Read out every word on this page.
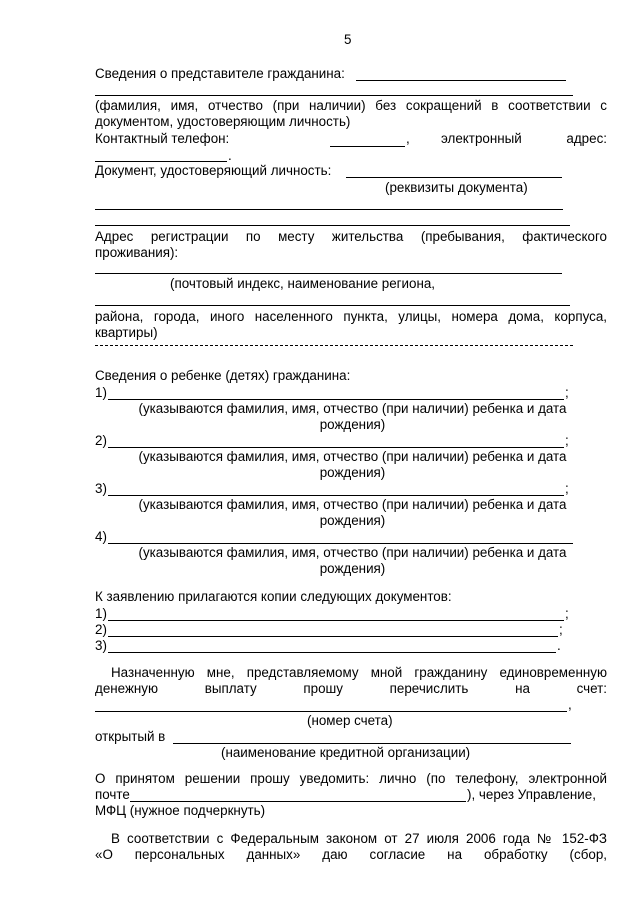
5
Сведения о представителе гражданина:
(фамилия, имя, отчество (при наличии) без сокращений в соответствии с
документом, удостоверяющим личность)
Контактный телефон:	, электронный адрес:
.
Документ, удостоверяющий личность:
(реквизиты документа)
Адрес регистрации по месту жительства (пребывания, фактического
проживания):
(почтовый индекс, наименование региона,
района, города, иного населенного пункта, улицы, номера дома, корпуса,
квартиры)
Сведения о ребенке (детях) гражданина:
1)	;
(указываются фамилия, имя, отчество (при наличии) ребенка и дата
рождения)
2)	;
(указываются фамилия, имя, отчество (при наличии) ребенка и дата
рождения)
3)	;
(указываются фамилия, имя, отчество (при наличии) ребенка и дата
рождения)
4)
(указываются фамилия, имя, отчество (при наличии) ребенка и дата
рождения)
К заявлению прилагаются копии следующих документов:
1)	;
2)	;
3)	.
Назначенную мне, представляемому мной гражданину единовременную
денежную выплату прошу перечислить на счет:
,
(номер счета)
открытый в
(наименование кредитной организации)
О принятом решении прошу уведомить: лично (по телефону, электронной
почте	), через Управление,
МФЦ (нужное подчеркнуть)
В соответствии с Федеральным законом от 27 июля 2006 года № 152-ФЗ
«О персональных данных» даю согласие на обработку (сбор,
